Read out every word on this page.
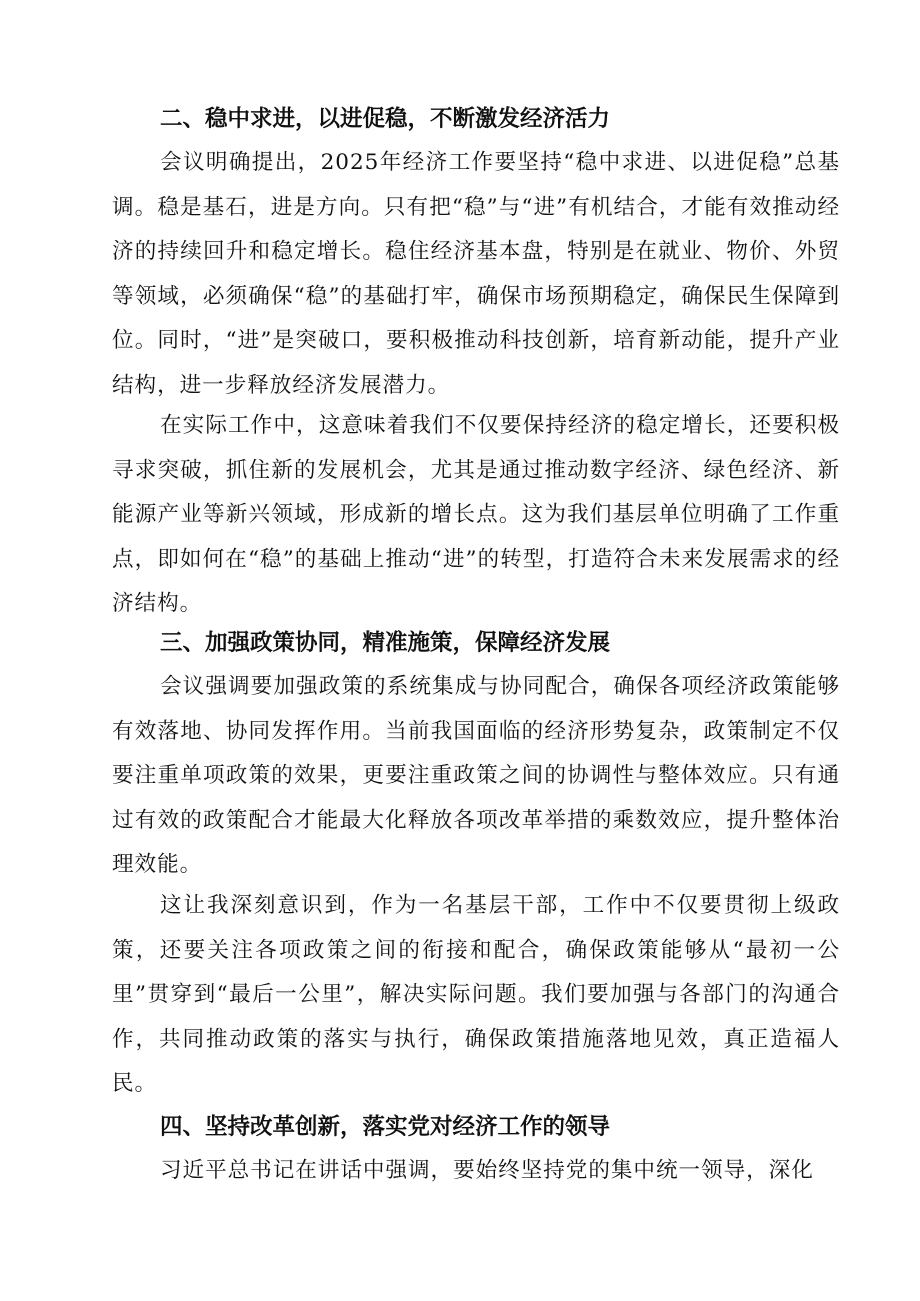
二、稳中求进，以进促稳，不断激发经济活力
会议明确提出，2025年经济工作要坚持“稳中求进、以进促稳”总基调。稳是基石，进是方向。只有把“稳”与“进”有机结合，才能有效推动经济的持续回升和稳定增长。稳住经济基本盘，特别是在就业、物价、外贸等领域，必须确保“稳”的基础打牢，确保市场预期稳定，确保民生保障到位。同时，“进”是突破口，要积极推动科技创新，培育新动能，提升产业结构，进一步释放经济发展潜力。
在实际工作中，这意味着我们不仅要保持经济的稳定增长，还要积极寻求突破，抓住新的发展机会，尤其是通过推动数字经济、绿色经济、新能源产业等新兴领域，形成新的增长点。这为我们基层单位明确了工作重点，即如何在“稳”的基础上推动“进”的转型，打造符合未来发展需求的经济结构。
三、加强政策协同，精准施策，保障经济发展
会议强调要加强政策的系统集成与协同配合，确保各项经济政策能够有效落地、协同发挥作用。当前我国面临的经济形势复杂，政策制定不仅要注重单项政策的效果，更要注重政策之间的协调性与整体效应。只有通过有效的政策配合才能最大化释放各项改革举措的乘数效应，提升整体治理效能。
这让我深刻意识到，作为一名基层干部，工作中不仅要贯彻上级政策，还要关注各项政策之间的衔接和配合，确保政策能够从“最初一公里”贯穿到“最后一公里”，解决实际问题。我们要加强与各部门的沟通合作，共同推动政策的落实与执行，确保政策措施落地见效，真正造福人民。
四、坚持改革创新，落实党对经济工作的领导
习近平总书记在讲话中强调，要始终坚持党的集中统一领导，深化
